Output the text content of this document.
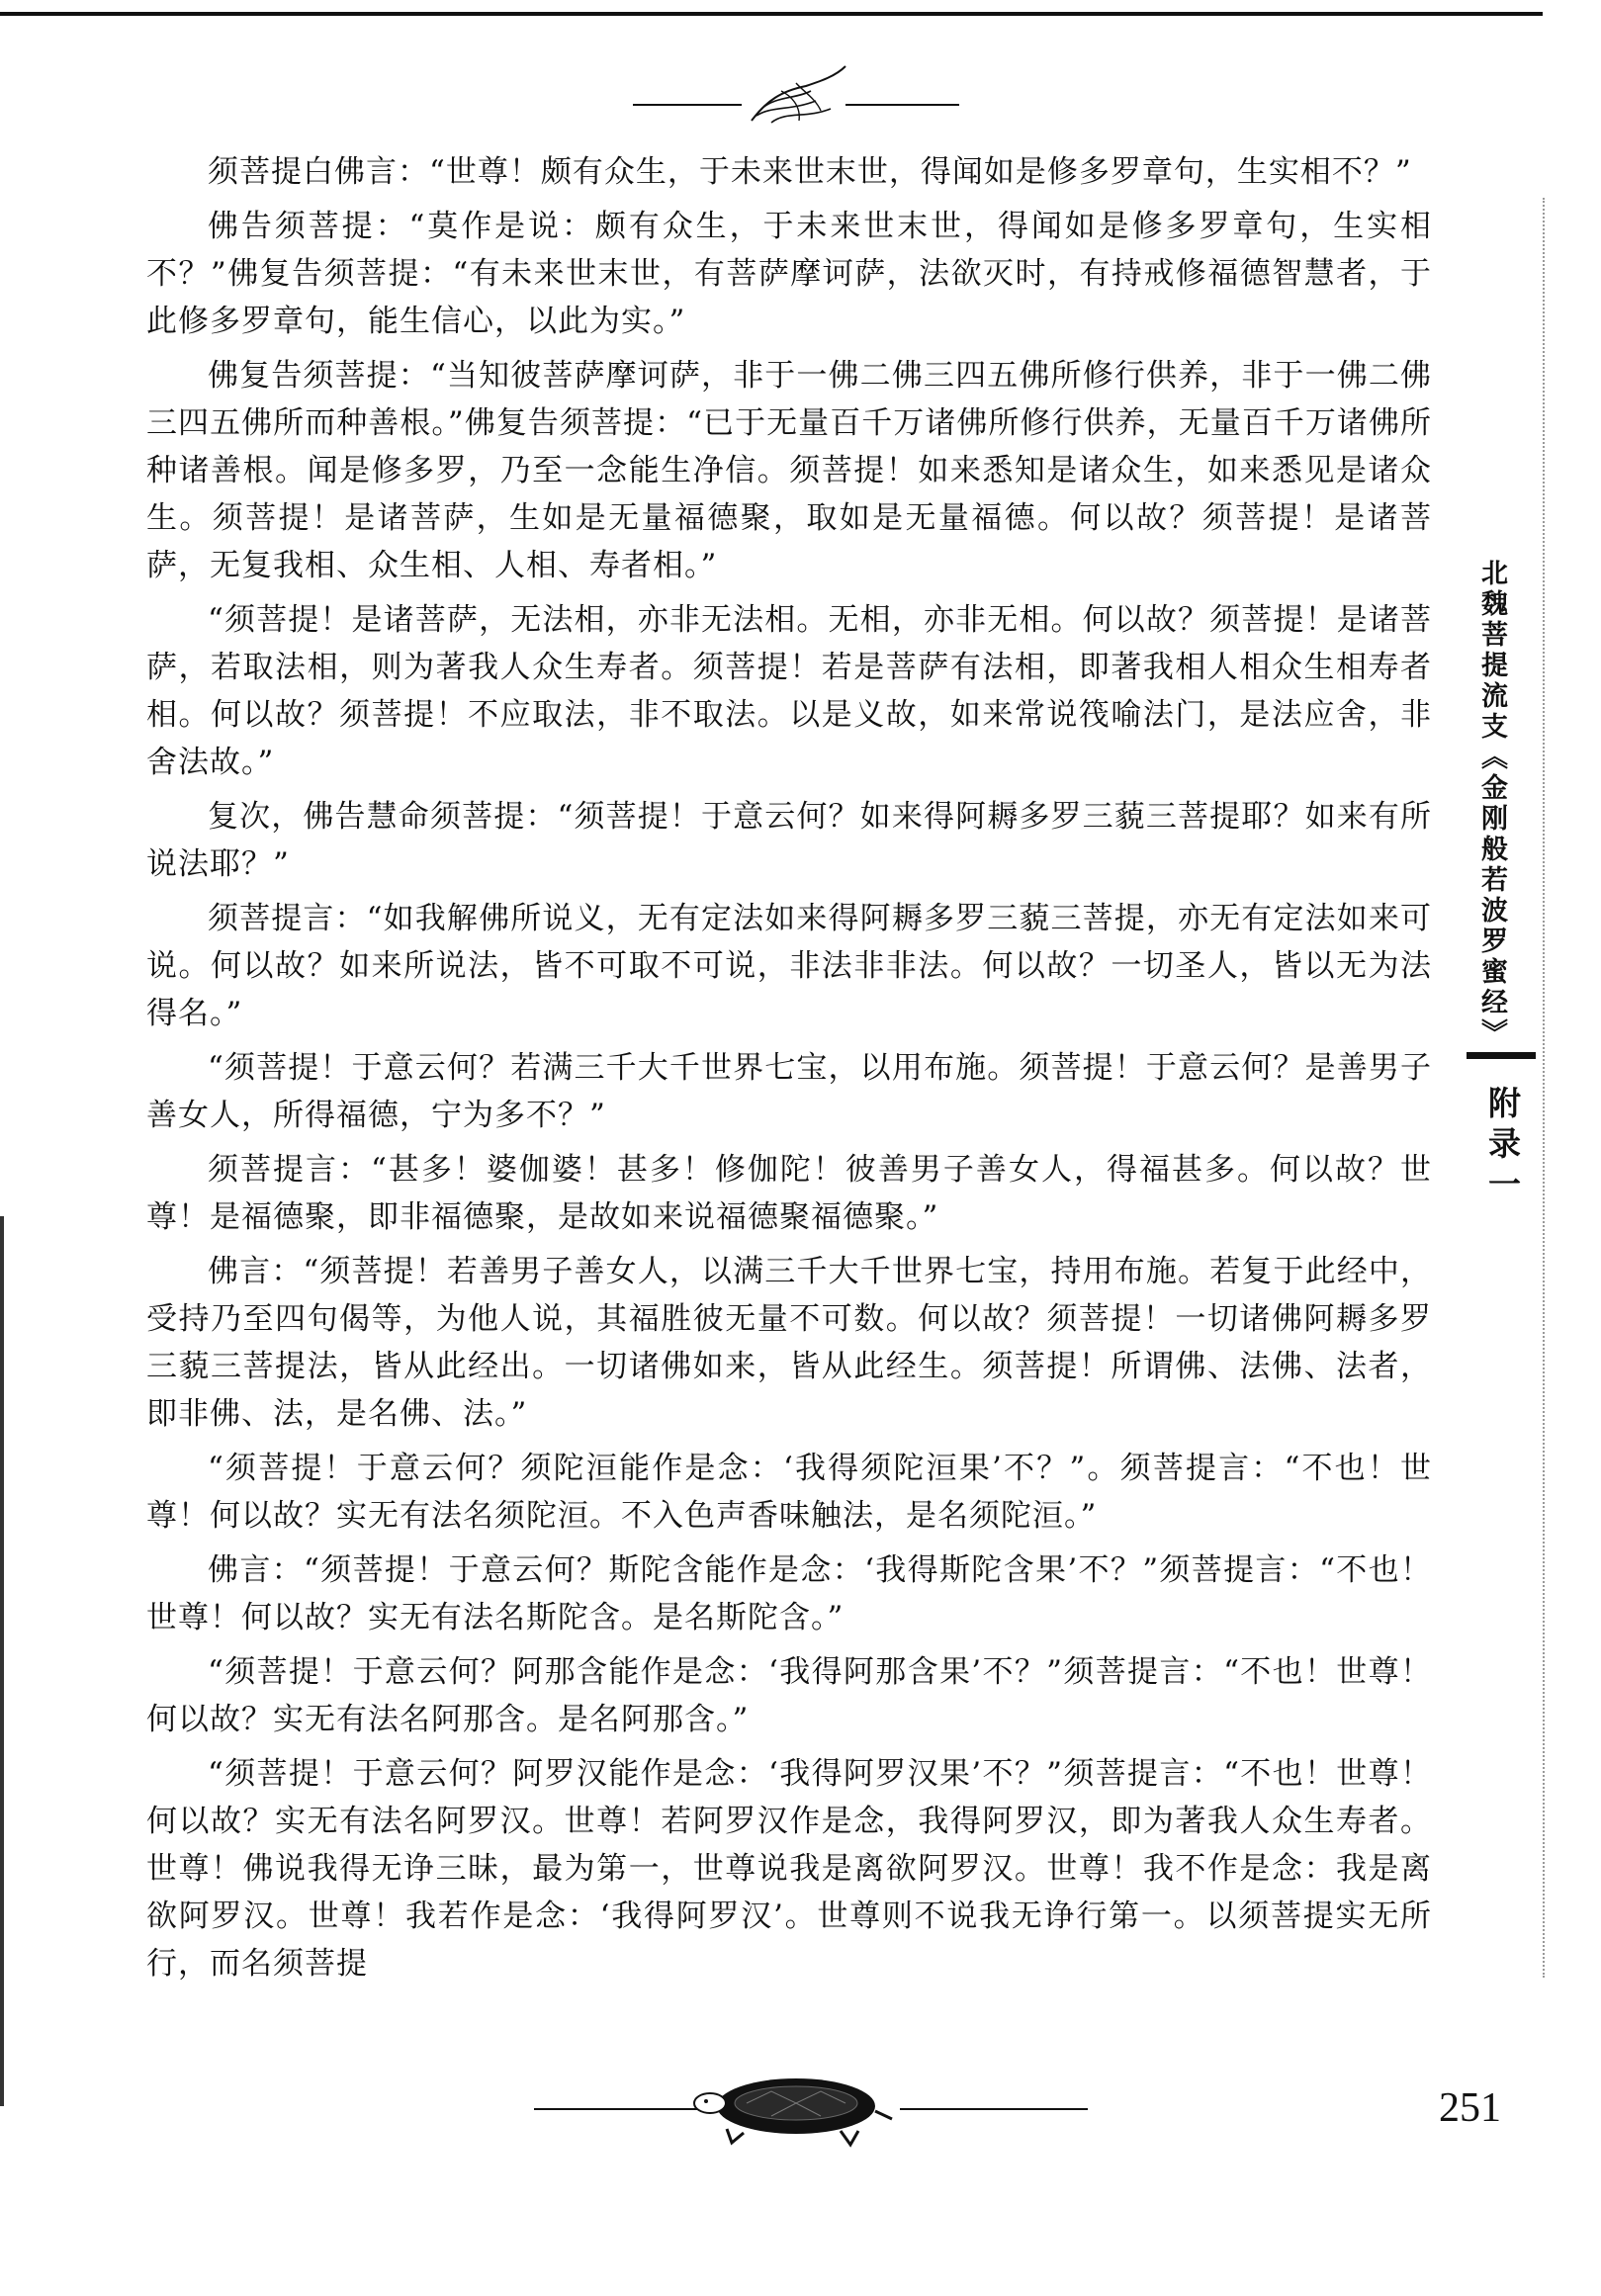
须菩提白佛言：“世尊！颇有众生，于未来世末世，得闻如是修多罗章句，生实相不？”

佛告须菩提：“莫作是说：颇有众生，于未来世末世，得闻如是修多罗章句，生实相不？”佛复告须菩提：“有未来世末世，有菩萨摩诃萨，法欲灭时，有持戒修福德智慧者，于此修多罗章句，能生信心，以此为实。”

佛复告须菩提：“当知彼菩萨摩诃萨，非于一佛二佛三四五佛所修行供养，非于一佛二佛三四五佛所而种善根。”佛复告须菩提：“已于无量百千万诸佛所修行供养，无量百千万诸佛所种诸善根。闻是修多罗，乃至一念能生净信。须菩提！如来悉知是诸众生，如来悉见是诸众生。须菩提！是诸菩萨，生如是无量福德聚，取如是无量福德。何以故？须菩提！是诸菩萨，无复我相、众生相、人相、寿者相。”

“须菩提！是诸菩萨，无法相，亦非无法相。无相，亦非无相。何以故？须菩提！是诸菩萨，若取法相，则为著我人众生寿者。须菩提！若是菩萨有法相，即著我相人相众生相寿者相。何以故？须菩提！不应取法，非不取法。以是义故，如来常说筏喻法门，是法应舍，非舍法故。”

复次，佛告慧命须菩提：“须菩提！于意云何？如来得阿耨多罗三藐三菩提耶？如来有所说法耶？”

须菩提言：“如我解佛所说义，无有定法如来得阿耨多罗三藐三菩提，亦无有定法如来可说。何以故？如来所说法，皆不可取不可说，非法非非法。何以故？一切圣人，皆以无为法得名。”

“须菩提！于意云何？若满三千大千世界七宝，以用布施。须菩提！于意云何？是善男子善女人，所得福德，宁为多不？”

须菩提言：“甚多！婆伽婆！甚多！修伽陀！彼善男子善女人，得福甚多。何以故？世尊！是福德聚，即非福德聚，是故如来说福德聚福德聚。”

佛言：“须菩提！若善男子善女人，以满三千大千世界七宝，持用布施。若复于此经中，受持乃至四句偈等，为他人说，其福胜彼无量不可数。何以故？须菩提！一切诸佛阿耨多罗三藐三菩提法，皆从此经出。一切诸佛如来，皆从此经生。须菩提！所谓佛、法佛、法者，即非佛、法，是名佛、法。”

“须菩提！于意云何？须陀洹能作是念：‘我得须陀洹果’不？”。须菩提言：“不也！世尊！何以故？实无有法名须陀洹。不入色声香味触法，是名须陀洹。”

佛言：“须菩提！于意云何？斯陀含能作是念：‘我得斯陀含果’不？”须菩提言：“不也！世尊！何以故？实无有法名斯陀含。是名斯陀含。”

“须菩提！于意云何？阿那含能作是念：‘我得阿那含果’不？”须菩提言：“不也！世尊！何以故？实无有法名阿那含。是名阿那含。”

“须菩提！于意云何？阿罗汉能作是念：‘我得阿罗汉果’不？”须菩提言：“不也！世尊！何以故？实无有法名阿罗汉。世尊！若阿罗汉作是念，我得阿罗汉，即为著我人众生寿者。世尊！佛说我得无诤三昧，最为第一，世尊说我是离欲阿罗汉。世尊！我不作是念：我是离欲阿罗汉。世尊！我若作是念：‘我得阿罗汉’。世尊则不说我无诤行第一。以须菩提实无所行，而名须菩提

北魏菩提流支《金刚般若波罗蜜经》
附录一
251
